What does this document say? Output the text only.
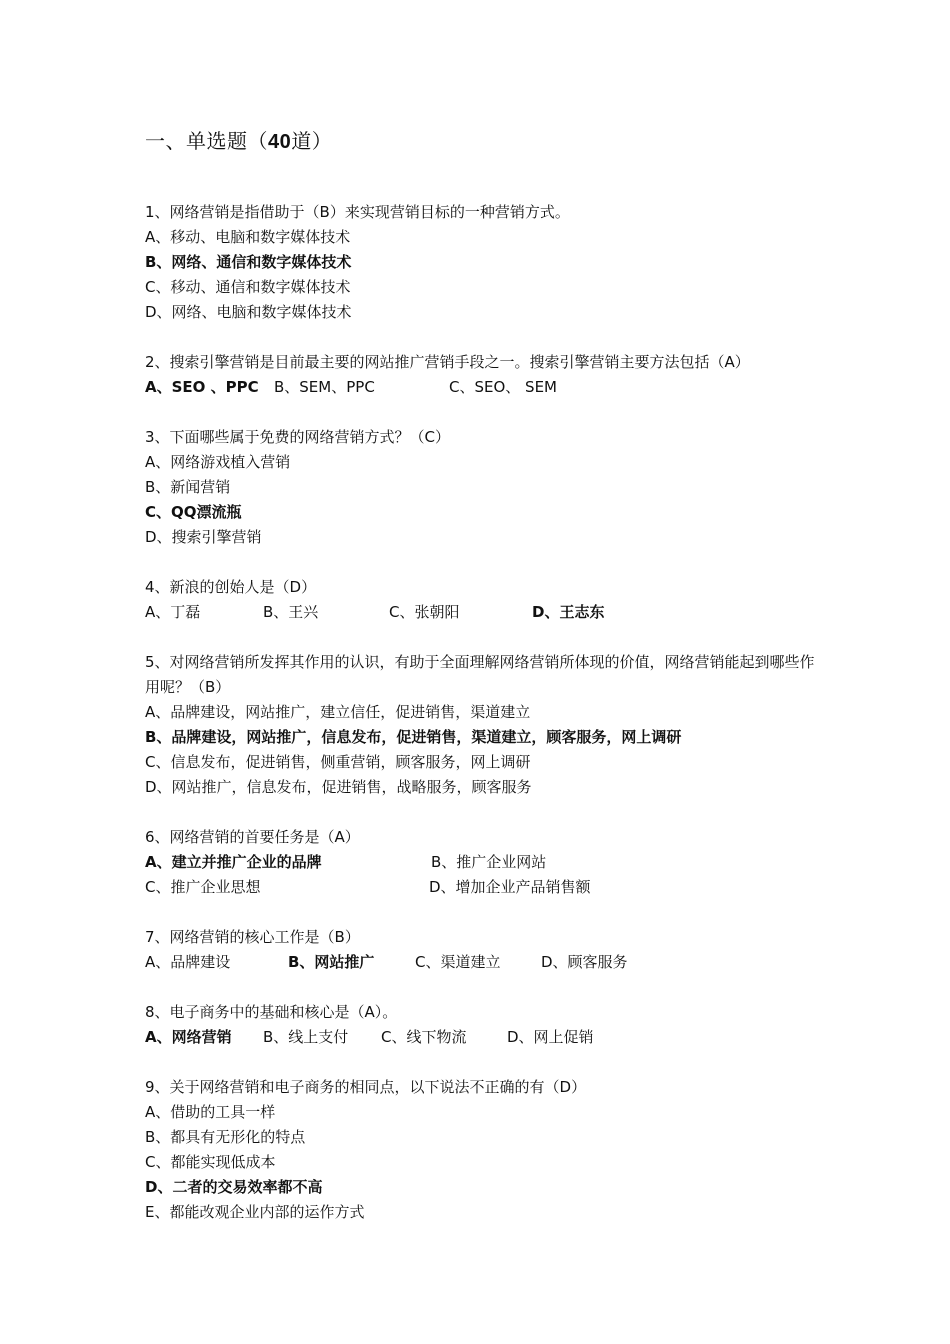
一、单选题（40道）
1、网络营销是指借助于（B）来实现营销目标的一种营销方式。
A、移动、电脑和数字媒体技术
B、网络、通信和数字媒体技术
C、移动、通信和数字媒体技术
D、网络、电脑和数字媒体技术
2、搜索引擎营销是目前最主要的网站推广营销手段之一。搜索引擎营销主要方法包括（A）
A、SEO 、PPC B、SEM、PPC	C、SEO、 SEM
3、下面哪些属于免费的网络营销方式？（C）
A、网络游戏植入营销
B、新闻营销
C、QQ漂流瓶
D、搜索引擎营销
4、新浪的创始人是（D）
A、丁磊	B、王兴	C、张朝阳	D、王志东
5、对网络营销所发挥其作用的认识，有助于全面理解网络营销所体现的价值，网络营销能起到哪些作用呢？（B）
A、品牌建设，网站推广，建立信任，促进销售，渠道建立
B、品牌建设，网站推广，信息发布，促进销售，渠道建立，顾客服务，网上调研
C、信息发布，促进销售，侧重营销，顾客服务，网上调研
D、网站推广，信息发布，促进销售，战略服务，顾客服务
6、网络营销的首要任务是（A）
A、建立并推广企业的品牌	B、推广企业网站
C、推广企业思想	D、增加企业产品销售额
7、网络营销的核心工作是（B）
A、品牌建设	B、网站推广	C、渠道建立	D、顾客服务
8、电子商务中的基础和核心是（A）。
A、网络营销 B、线上支付 C、线下物流	D、网上促销
9、关于网络营销和电子商务的相同点，以下说法不正确的有（D）
A、借助的工具一样
B、都具有无形化的特点
C、都能实现低成本
D、二者的交易效率都不高
E、都能改观企业内部的运作方式
